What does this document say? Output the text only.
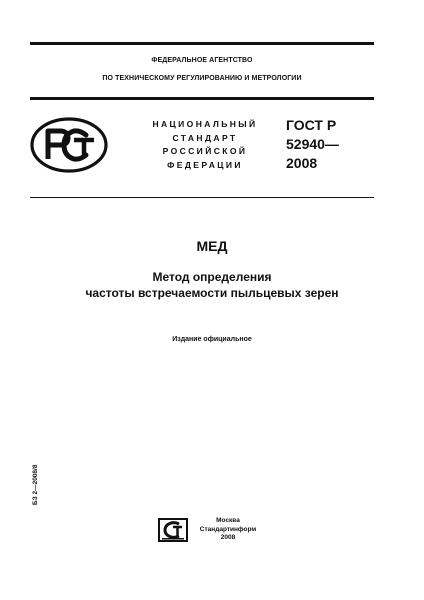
ФЕДЕРАЛЬНОЕ АГЕНТСТВО
ПО ТЕХНИЧЕСКОМУ РЕГУЛИРОВАНИЮ И МЕТРОЛОГИИ
НАЦИОНАЛЬНЫЙ
СТАНДАРТ
РОССИЙСКОЙ
ФЕДЕРАЦИИ
ГОСТ Р
52940—
2008
МЕД
Метод определения
частоты встречаемости пыльцевых зерен
Издание официальное
БЗ 2—2008/8
Москва
Стандартинформ
2008
